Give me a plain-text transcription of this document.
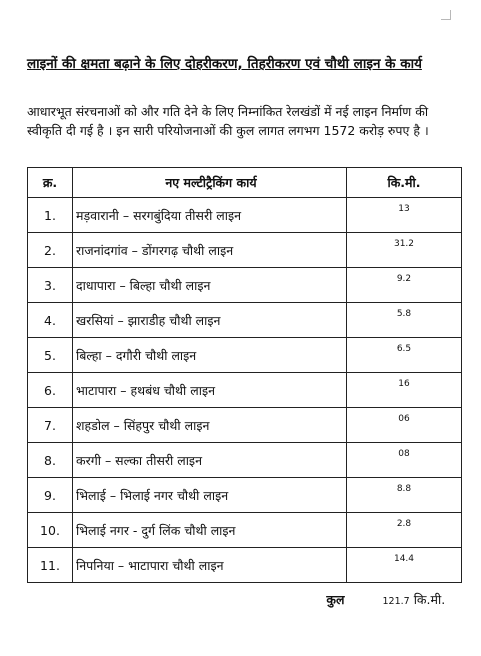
लाइनों की क्षमता बढ़ाने के लिए दोहरीकरण, तिहरीकरण एवं चौथी लाइन के कार्य

आधारभूत संरचनाओं को और गति देने के लिए निम्नांकित रेलखंडों में नई लाइन निर्माण की स्वीकृति दी गई है । इन सारी परियोजनाओं की कुल लागत लगभग 1572 करोड़ रुपए है ।

क्र.	नए मल्टीट्रैकिंग कार्य	कि.मी.
1.	मड़वारानी – सरगबुंदिया तीसरी लाइन	13

2.	राजनांदगांव – डोंगरगढ़ चौथी लाइन	31.2

3.	दाधापारा – बिल्हा चौथी लाइन	9.2

4.	खरसियां – झाराडीह चौथी लाइन	5.8

5.	बिल्हा – दगौरी चौथी लाइन	6.5

6.	भाटापारा – हथबंध चौथी लाइन	16

7.	शहडोल – सिंहपुर चौथी लाइन	06

8.	करगी – सल्का तीसरी लाइन	08

9.	भिलाई – भिलाई नगर चौथी लाइन	8.8

10.	भिलाई नगर - दुर्ग लिंक चौथी लाइन	2.8

11.	निपनिया – भाटापारा चौथी लाइन	14.4

	कुल	121.7 कि.मी.
